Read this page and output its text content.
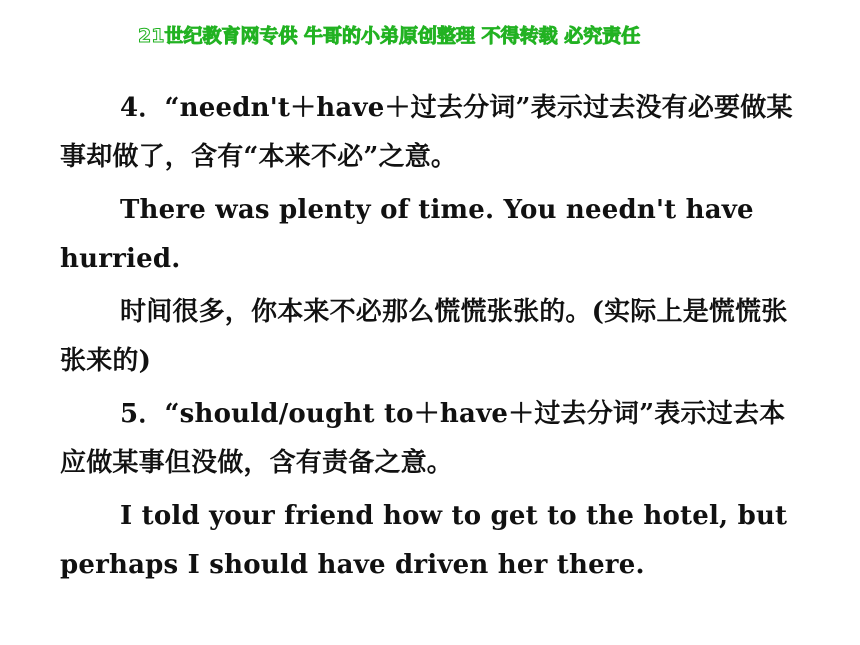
21世纪教育网专供 牛哥的小弟原创整理 不得转载 必究责任

4．“needn't＋have＋过去分词”表示过去没有必要做某事却做了，含有“本来不必”之意。

There was plenty of time. You needn't have hurried.

时间很多，你本来不必那么慌慌张张的。(实际上是慌慌张张来的)

5．“should/ought to＋have＋过去分词”表示过去本应做某事但没做，含有责备之意。

I told your friend how to get to the hotel, but perhaps I should have driven her there.
